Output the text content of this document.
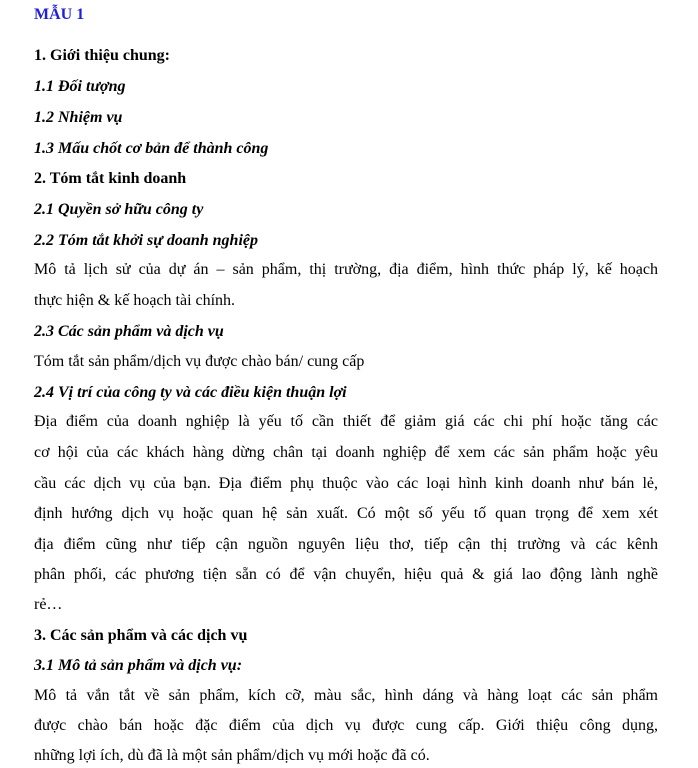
MẪU 1
1. Giới thiệu chung:
1.1 Đối tượng
1.2 Nhiệm vụ
1.3 Mấu chốt cơ bản để thành công
2. Tóm tắt kinh doanh
2.1 Quyền sở hữu công ty
2.2 Tóm tắt khởi sự doanh nghiệp
Mô tả lịch sử của dự án – sản phẩm, thị trường, địa điểm, hình thức pháp lý, kế hoạch
thực hiện & kế hoạch tài chính.
2.3 Các sản phẩm và dịch vụ
Tóm tắt sản phẩm/dịch vụ được chào bán/ cung cấp
2.4 Vị trí của công ty và các điều kiện thuận lợi
Địa điểm của doanh nghiệp là yếu tố cần thiết để giảm giá các chi phí hoặc tăng các
cơ hội của các khách hàng dừng chân tại doanh nghiệp để xem các sản phẩm hoặc yêu
cầu các dịch vụ của bạn. Địa điểm phụ thuộc vào các loại hình kinh doanh như bán lẻ,
định hướng dịch vụ hoặc quan hệ sản xuất. Có một số yếu tố quan trọng để xem xét
địa điểm cũng như tiếp cận nguồn nguyên liệu thơ, tiếp cận thị trường và các kênh
phân phối, các phương tiện sẵn có để vận chuyển, hiệu quả & giá lao động lành nghề
rẻ…
3. Các sản phẩm và các dịch vụ
3.1 Mô tả sản phẩm và dịch vụ:
Mô tả vắn tắt về sản phẩm, kích cỡ, màu sắc, hình dáng và hàng loạt các sản phẩm
được chào bán hoặc đặc điểm của dịch vụ được cung cấp. Giới thiệu công dụng,
những lợi ích, dù đã là một sản phẩm/dịch vụ mới hoặc đã có.
